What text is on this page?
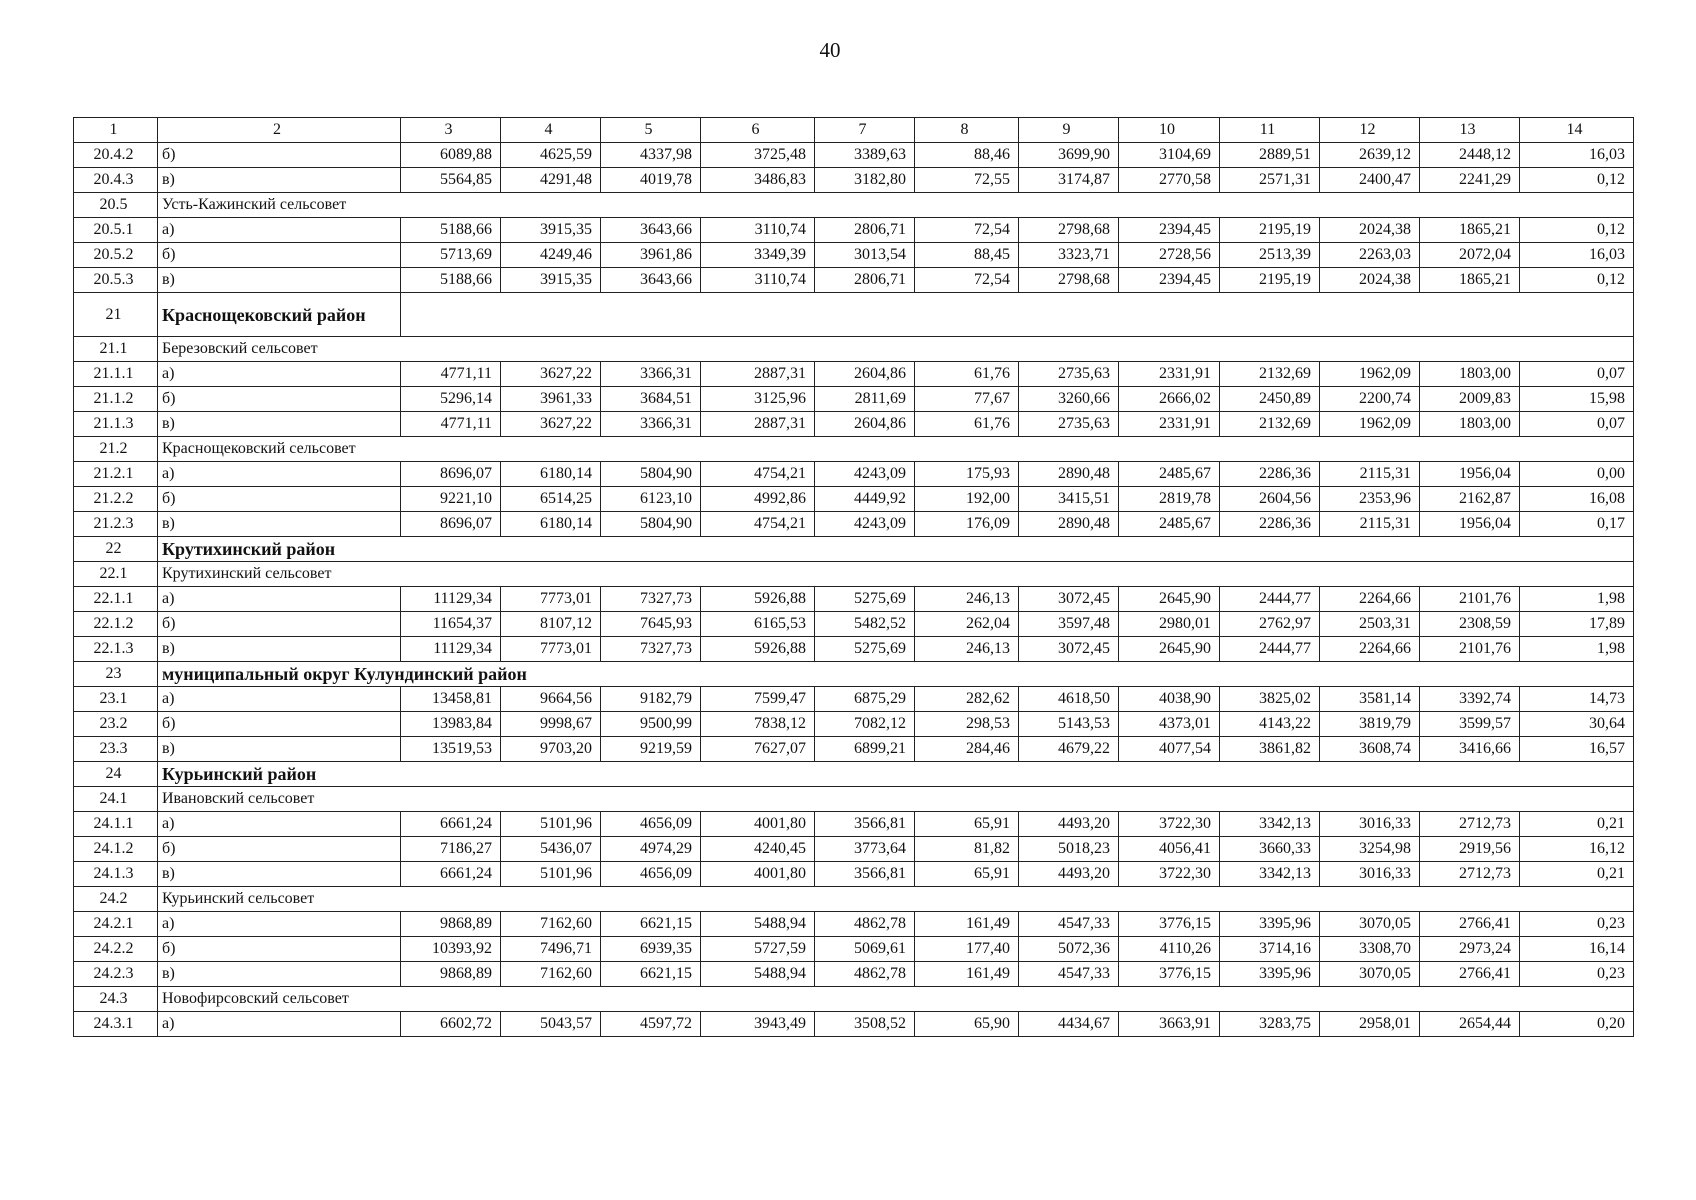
40
1	2	3	4	5	6	7	8	9	10	11	12	13	14
20.4.2	б)	6089,88	4625,59	4337,98	3725,48	3389,63	88,46	3699,90	3104,69	2889,51	2639,12	2448,12	16,03
20.4.3	в)	5564,85	4291,48	4019,78	3486,83	3182,80	72,55	3174,87	2770,58	2571,31	2400,47	2241,29	0,12
20.5	Усть-Кажинский сельсовет												
20.5.1	а)	5188,66	3915,35	3643,66	3110,74	2806,71	72,54	2798,68	2394,45	2195,19	2024,38	1865,21	0,12
20.5.2	б)	5713,69	4249,46	3961,86	3349,39	3013,54	88,45	3323,71	2728,56	2513,39	2263,03	2072,04	16,03
20.5.3	в)	5188,66	3915,35	3643,66	3110,74	2806,71	72,54	2798,68	2394,45	2195,19	2024,38	1865,21	0,12
21	Краснощековский район												
21.1	Березовский сельсовет												
21.1.1	а)	4771,11	3627,22	3366,31	2887,31	2604,86	61,76	2735,63	2331,91	2132,69	1962,09	1803,00	0,07
21.1.2	б)	5296,14	3961,33	3684,51	3125,96	2811,69	77,67	3260,66	2666,02	2450,89	2200,74	2009,83	15,98
21.1.3	в)	4771,11	3627,22	3366,31	2887,31	2604,86	61,76	2735,63	2331,91	2132,69	1962,09	1803,00	0,07
21.2	Краснощековский сельсовет												
21.2.1	а)	8696,07	6180,14	5804,90	4754,21	4243,09	175,93	2890,48	2485,67	2286,36	2115,31	1956,04	0,00
21.2.2	б)	9221,10	6514,25	6123,10	4992,86	4449,92	192,00	3415,51	2819,78	2604,56	2353,96	2162,87	16,08
21.2.3	в)	8696,07	6180,14	5804,90	4754,21	4243,09	176,09	2890,48	2485,67	2286,36	2115,31	1956,04	0,17
22	Крутихинский район												
22.1	Крутихинский сельсовет												
22.1.1	а)	11129,34	7773,01	7327,73	5926,88	5275,69	246,13	3072,45	2645,90	2444,77	2264,66	2101,76	1,98
22.1.2	б)	11654,37	8107,12	7645,93	6165,53	5482,52	262,04	3597,48	2980,01	2762,97	2503,31	2308,59	17,89
22.1.3	в)	11129,34	7773,01	7327,73	5926,88	5275,69	246,13	3072,45	2645,90	2444,77	2264,66	2101,76	1,98
23	муниципальный округ Кулундинский район												
23.1	а)	13458,81	9664,56	9182,79	7599,47	6875,29	282,62	4618,50	4038,90	3825,02	3581,14	3392,74	14,73
23.2	б)	13983,84	9998,67	9500,99	7838,12	7082,12	298,53	5143,53	4373,01	4143,22	3819,79	3599,57	30,64
23.3	в)	13519,53	9703,20	9219,59	7627,07	6899,21	284,46	4679,22	4077,54	3861,82	3608,74	3416,66	16,57
24	Курьинский район												
24.1	Ивановский сельсовет												
24.1.1	а)	6661,24	5101,96	4656,09	4001,80	3566,81	65,91	4493,20	3722,30	3342,13	3016,33	2712,73	0,21
24.1.2	б)	7186,27	5436,07	4974,29	4240,45	3773,64	81,82	5018,23	4056,41	3660,33	3254,98	2919,56	16,12
24.1.3	в)	6661,24	5101,96	4656,09	4001,80	3566,81	65,91	4493,20	3722,30	3342,13	3016,33	2712,73	0,21
24.2	Курьинский сельсовет												
24.2.1	а)	9868,89	7162,60	6621,15	5488,94	4862,78	161,49	4547,33	3776,15	3395,96	3070,05	2766,41	0,23
24.2.2	б)	10393,92	7496,71	6939,35	5727,59	5069,61	177,40	5072,36	4110,26	3714,16	3308,70	2973,24	16,14
24.2.3	в)	9868,89	7162,60	6621,15	5488,94	4862,78	161,49	4547,33	3776,15	3395,96	3070,05	2766,41	0,23
24.3	Новофирсовский сельсовет												
24.3.1	а)	6602,72	5043,57	4597,72	3943,49	3508,52	65,90	4434,67	3663,91	3283,75	2958,01	2654,44	0,20
